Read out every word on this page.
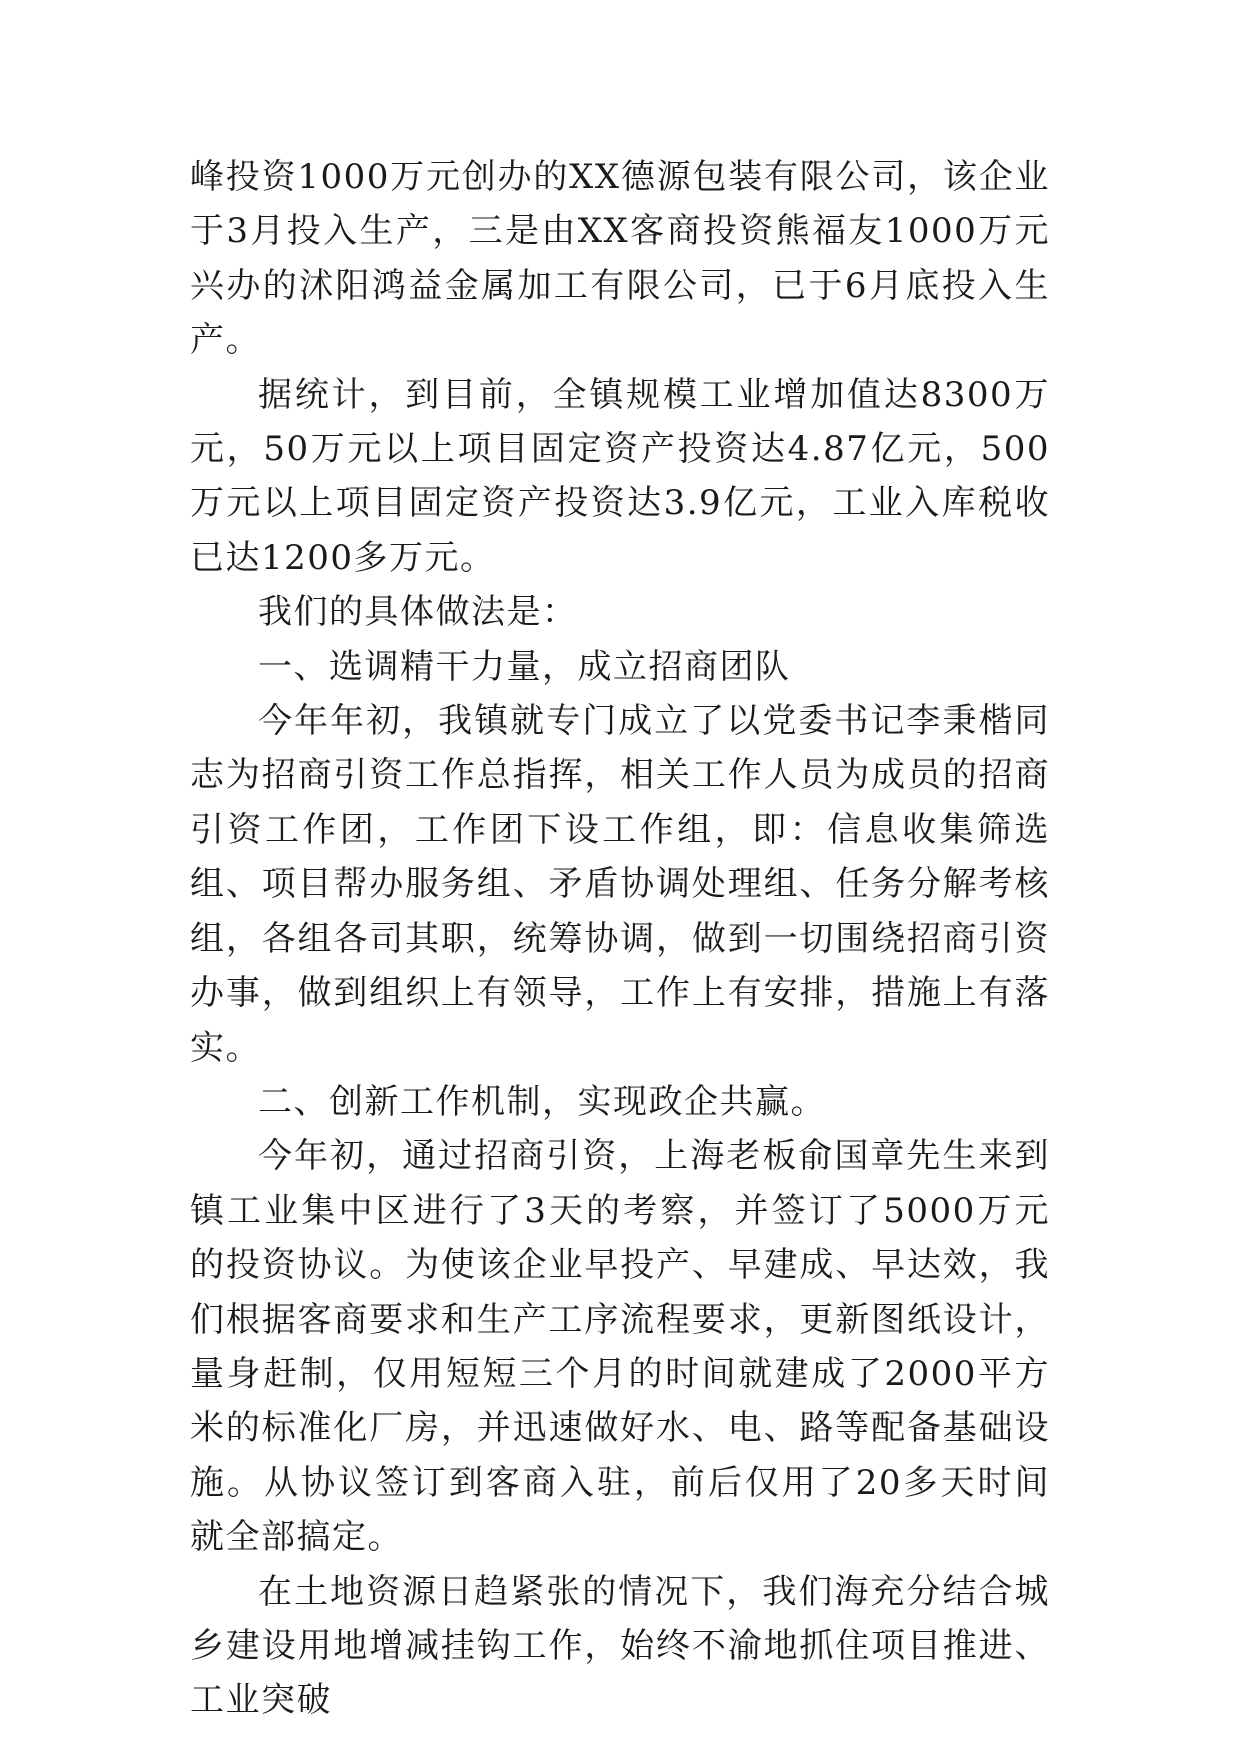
峰投资1000万元创办的XX德源包装有限公司，该企业于3月投入生产，三是由XX客商投资熊福友1000万元兴办的沭阳鸿益金属加工有限公司，已于6月底投入生产。

据统计，到目前，全镇规模工业增加值达8300万元，50万元以上项目固定资产投资达4.87亿元，500万元以上项目固定资产投资达3.9亿元，工业入库税收已达1200多万元。

我们的具体做法是：

一、选调精干力量，成立招商团队

今年年初，我镇就专门成立了以党委书记李秉楷同志为招商引资工作总指挥，相关工作人员为成员的招商引资工作团，工作团下设工作组，即：信息收集筛选组、项目帮办服务组、矛盾协调处理组、任务分解考核组，各组各司其职，统筹协调，做到一切围绕招商引资办事，做到组织上有领导，工作上有安排，措施上有落实。

二、创新工作机制，实现政企共赢。

今年初，通过招商引资，上海老板俞国章先生来到镇工业集中区进行了3天的考察，并签订了5000万元的投资协议。为使该企业早投产、早建成、早达效，我们根据客商要求和生产工序流程要求，更新图纸设计，量身赶制，仅用短短三个月的时间就建成了2000平方米的标准化厂房，并迅速做好水、电、路等配备基础设施。从协议签订到客商入驻，前后仅用了20多天时间就全部搞定。

在土地资源日趋紧张的情况下，我们海充分结合城乡建设用地增减挂钩工作，始终不渝地抓住项目推进、工业突破
